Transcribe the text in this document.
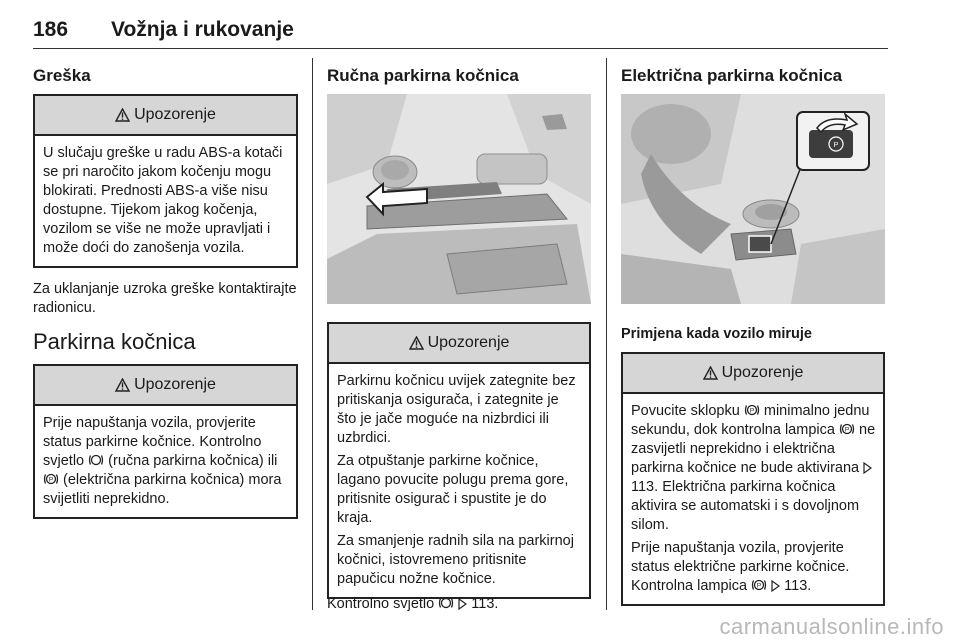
186 Vožnja i rukovanje
Greška
Upozorenje
U slučaju greške u radu ABS-a kotači se pri naročito jakom kočenju mogu blokirati. Prednosti ABS-a više nisu dostupne. Tijekom jakog kočenja, vozilom se više ne može upravljati i može doći do zanošenja vozila.

Za uklanjanje uzroka greške kontaktirajte radionicu.

Parkirna kočnica
Upozorenje
Prije napuštanja vozila, provjerite status parkirne kočnice. Kontrolno svjetlo (ručna parkirna kočnica) ili
P (električna parkirna kočnica) mora svijetliti neprekidno.
Ručna parkirna kočnica
Upozorenje

Parkirnu kočnicu uvijek zategnite bez pritiskanja osigurača, i zategnite je što je jače moguće na nizbrdici ili uzbrdici.

Za otpuštanje parkirne kočnice, lagano povucite polugu prema gore, pritisnite osigurač i spustite je do kraja.

Za smanjenje radnih sila na parkirnoj kočnici, istovremeno pritisnite papučicu nožne kočnice.

Kontrolno svjetlo	113.
Električna parkirna kočnica
P
Primjena kada vozilo miruje
Upozorenje

Povucite sklopku P minimalno jednu sekundu, dok kontrolna lampica P ne zasvijetli neprekidno i električna parkirna kočnice ne bude aktivirana  113. Električna parkirna kočnica aktivira se automatski i s dovoljnom silom.

Prije napuštanja vozila, provjerite status električne parkirne kočnice. Kontrolna lampica P 113.

carmanualsonline.info
